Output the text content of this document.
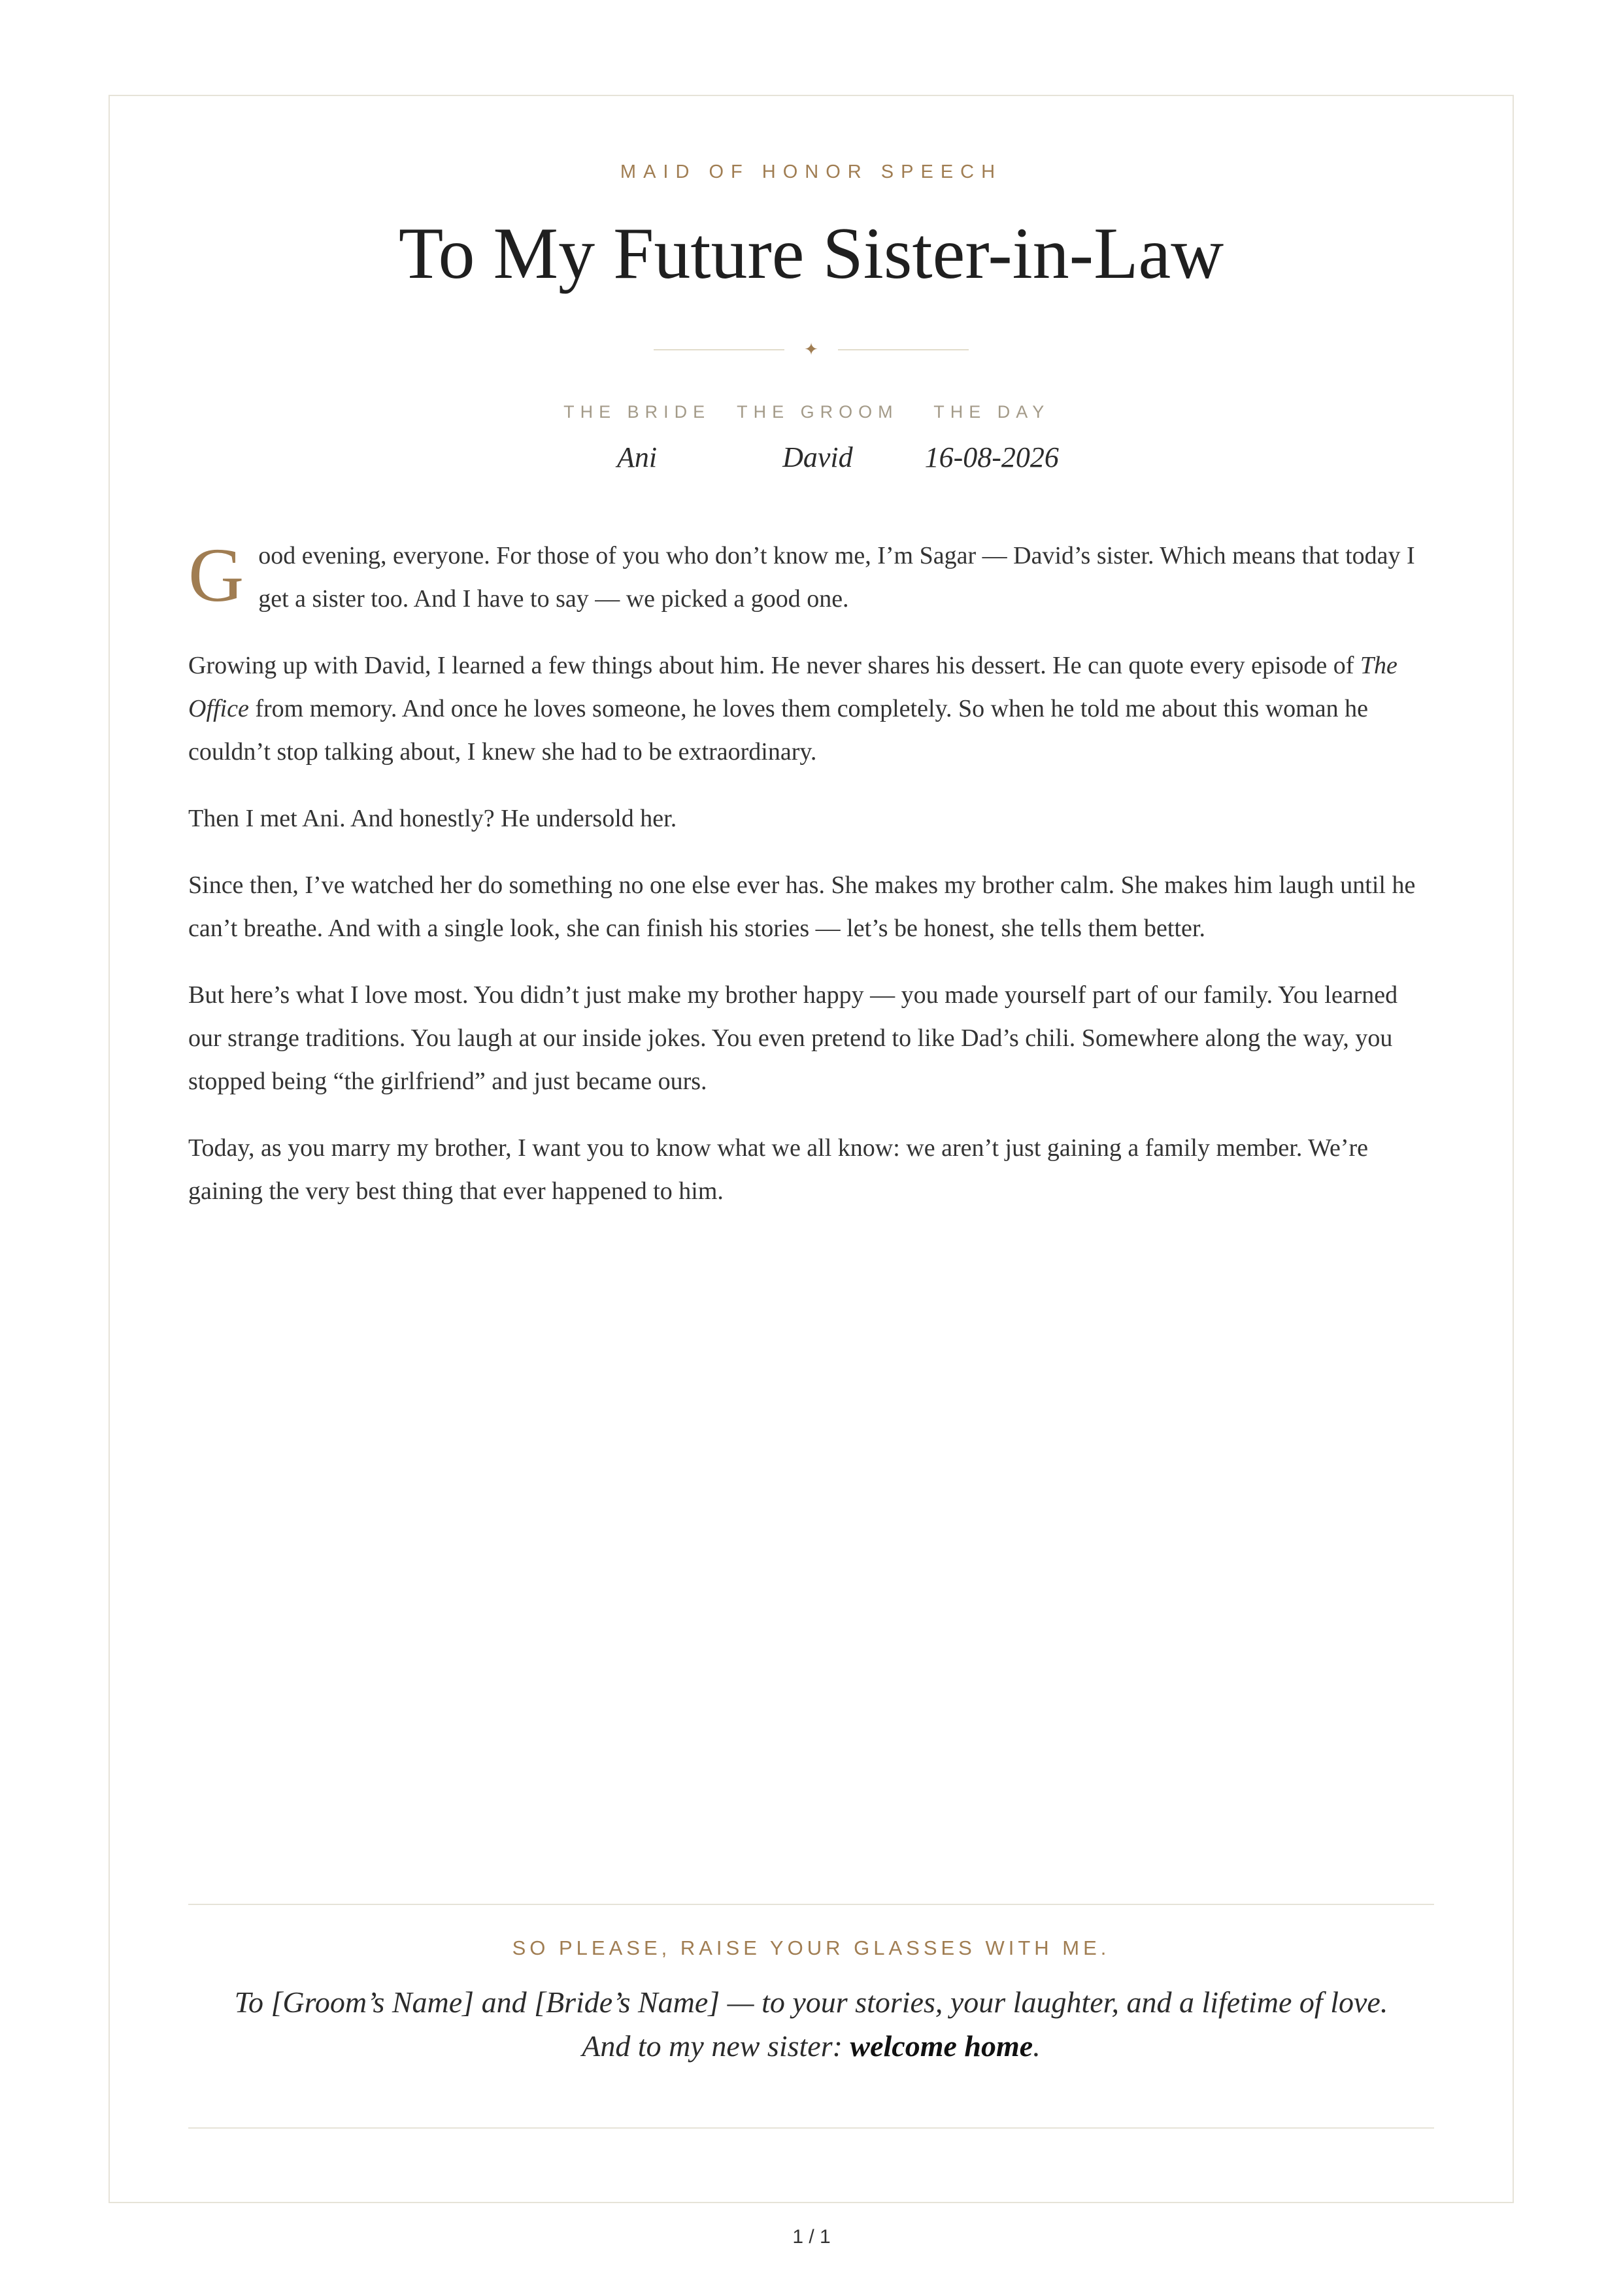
MAID OF HONOR SPEECH
To My Future Sister-in-Law
✦
THE BRIDE
Ani
THE GROOM
David
THE DAY
16-08-2026

G ood evening, everyone. For those of you who don’t know me, I’m Sagar — David’s sister. Which means that today I get a sister too. And I have to say — we picked a good one.

Growing up with David, I learned a few things about him. He never shares his dessert. He can quote every episode of The Office from memory. And once he loves someone, he loves them completely. So when he told me about this woman he couldn’t stop talking about, I knew she had to be extraordinary.

Then I met Ani. And honestly? He undersold her.

Since then, I’ve watched her do something no one else ever has. She makes my brother calm. She makes him laugh until he can’t breathe. And with a single look, she can finish his stories — let’s be honest, she tells them better.

But here’s what I love most. You didn’t just make my brother happy — you made yourself part of our family. You learned our strange traditions. You laugh at our inside jokes. You even pretend to like Dad’s chili. Somewhere along the way, you stopped being “the girlfriend” and just became ours.

Today, as you marry my brother, I want you to know what we all know: we aren’t just gaining a family member. We’re gaining the very best thing that ever happened to him.

SO PLEASE, RAISE YOUR GLASSES WITH ME.
To [Groom’s Name] and [Bride’s Name] — to your stories, your laughter, and a lifetime of love.
And to my new sister: welcome home.
1 / 1
